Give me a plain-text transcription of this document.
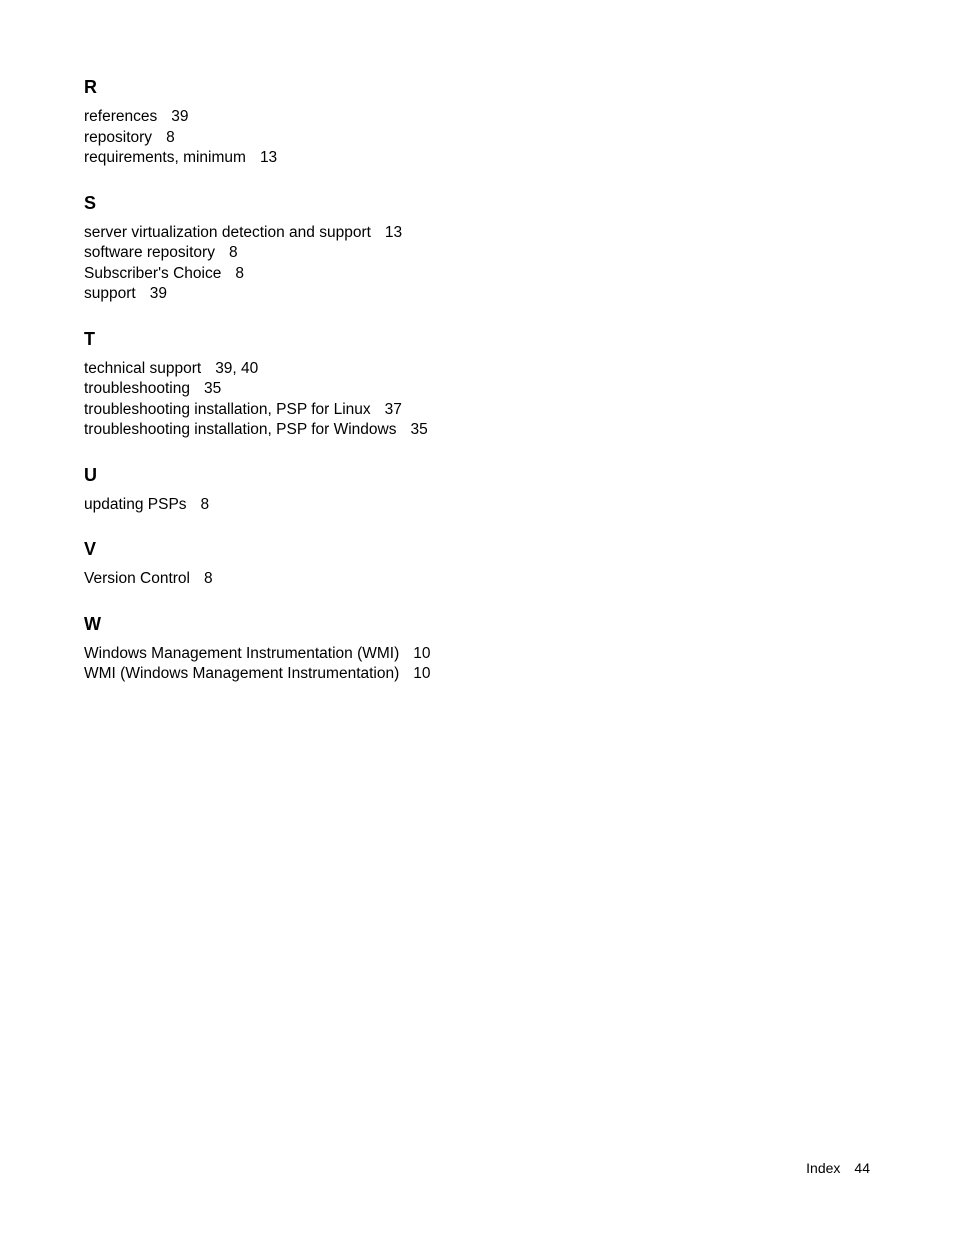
R
references 39
repository 8
requirements, minimum 13
S
server virtualization detection and support 13
software repository 8
Subscriber's Choice 8
support 39
T
technical support 39, 40
troubleshooting 35
troubleshooting installation, PSP for Linux 37
troubleshooting installation, PSP for Windows 35
U
updating PSPs 8
V
Version Control 8
W
Windows Management Instrumentation (WMI) 10
WMI (Windows Management Instrumentation) 10
Index 44
